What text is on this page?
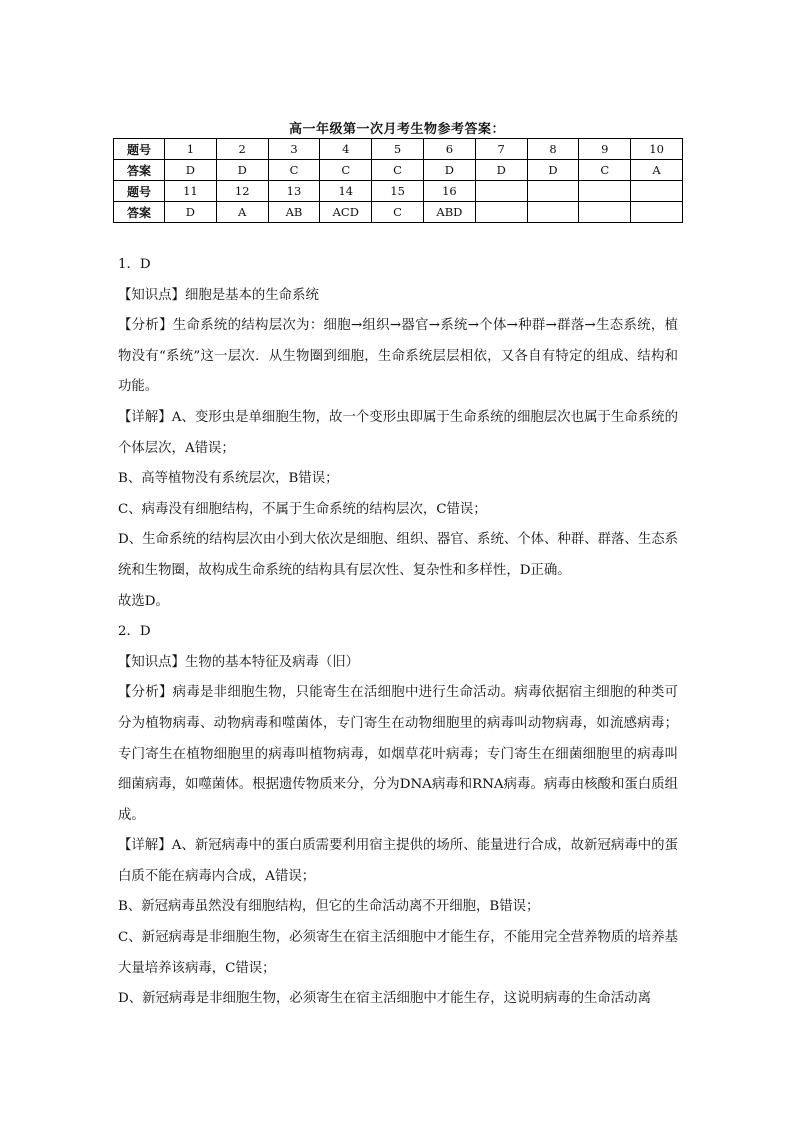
高一年级第一次月考生物参考答案：
题号	1	2	3	4	5	6	7	8	9	10
答案	D	D	C	C	C	D	D	D	C	A
题号	11	12	13	14	15	16				
答案	D	A	AB	ACD	C	ABD				

1．D

【知识点】细胞是基本的生命系统

【分析】生命系统的结构层次为：细胞→组织→器官→系统→个体→种群→群落→生态系统，植物没有“系统”这一层次．从生物圈到细胞，生命系统层层相依，又各自有特定的组成、结构和功能。

【详解】A、变形虫是单细胞生物，故一个变形虫即属于生命系统的细胞层次也属于生命系统的个体层次，A错误；

B、高等植物没有系统层次，B错误；

C、病毒没有细胞结构，不属于生命系统的结构层次，C错误；

D、生命系统的结构层次由小到大依次是细胞、组织、器官、系统、个体、种群、群落、生态系统和生物圈，故构成生命系统的结构具有层次性、复杂性和多样性，D正确。

故选D。

2．D

【知识点】生物的基本特征及病毒（旧）

【分析】病毒是非细胞生物，只能寄生在活细胞中进行生命活动。病毒依据宿主细胞的种类可分为植物病毒、动物病毒和噬菌体，专门寄生在动物细胞里的病毒叫动物病毒，如流感病毒；专门寄生在植物细胞里的病毒叫植物病毒，如烟草花叶病毒；专门寄生在细菌细胞里的病毒叫细菌病毒，如噬菌体。根据遗传物质来分，分为DNA病毒和RNA病毒。病毒由核酸和蛋白质组成。

【详解】A、新冠病毒中的蛋白质需要利用宿主提供的场所、能量进行合成，故新冠病毒中的蛋白质不能在病毒内合成，A错误；

B、新冠病毒虽然没有细胞结构，但它的生命活动离不开细胞，B错误；

C、新冠病毒是非细胞生物，必须寄生在宿主活细胞中才能生存，不能用完全营养物质的培养基大量培养该病毒，C错误；

D、新冠病毒是非细胞生物，必须寄生在宿主活细胞中才能生存，这说明病毒的生命活动离
